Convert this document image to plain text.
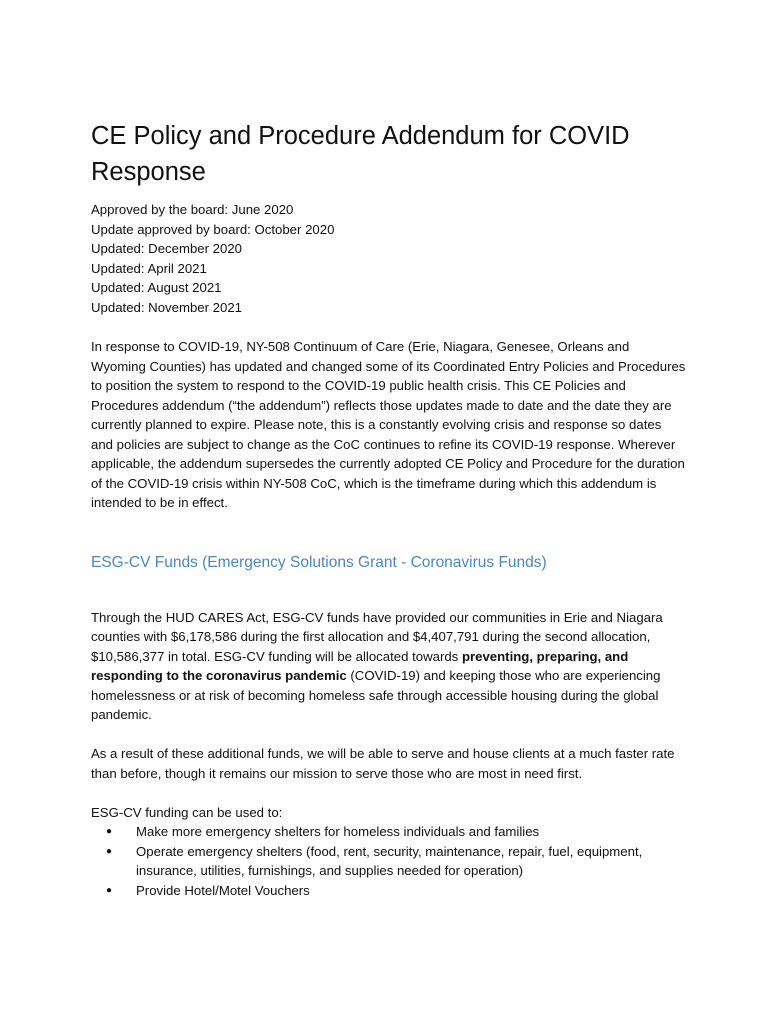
CE Policy and Procedure Addendum for COVID Response
Approved by the board: June 2020
Update approved by board: October 2020
Updated: December 2020
Updated: April 2021
Updated: August 2021
Updated: November 2021

In response to COVID-19, NY-508 Continuum of Care (Erie, Niagara, Genesee, Orleans and Wyoming Counties) has updated and changed some of its Coordinated Entry Policies and Procedures to position the system to respond to the COVID-19 public health crisis. This CE Policies and Procedures addendum (“the addendum”) reflects those updates made to date and the date they are currently planned to expire. Please note, this is a constantly evolving crisis and response so dates and policies are subject to change as the CoC continues to refine its COVID-19 response. Wherever applicable, the addendum supersedes the currently adopted CE Policy and Procedure for the duration of the COVID-19 crisis within NY-508 CoC, which is the timeframe during which this addendum is intended to be in effect.

ESG-CV Funds (Emergency Solutions Grant - Coronavirus Funds)

Through the HUD CARES Act, ESG-CV funds have provided our communities in Erie and Niagara counties with $6,178,586 during the first allocation and $4,407,791 during the second allocation, $10,586,377 in total. ESG-CV funding will be allocated towards preventing, preparing, and responding to the coronavirus pandemic (COVID-19) and keeping those who are experiencing homelessness or at risk of becoming homeless safe through accessible housing during the global pandemic.

As a result of these additional funds, we will be able to serve and house clients at a much faster rate than before, though it remains our mission to serve those who are most in need first.

ESG-CV funding can be used to:

● Make more emergency shelters for homeless individuals and families
● Operate emergency shelters (food, rent, security, maintenance, repair, fuel, equipment, insurance, utilities, furnishings, and supplies needed for operation)
● Provide Hotel/Motel Vouchers
